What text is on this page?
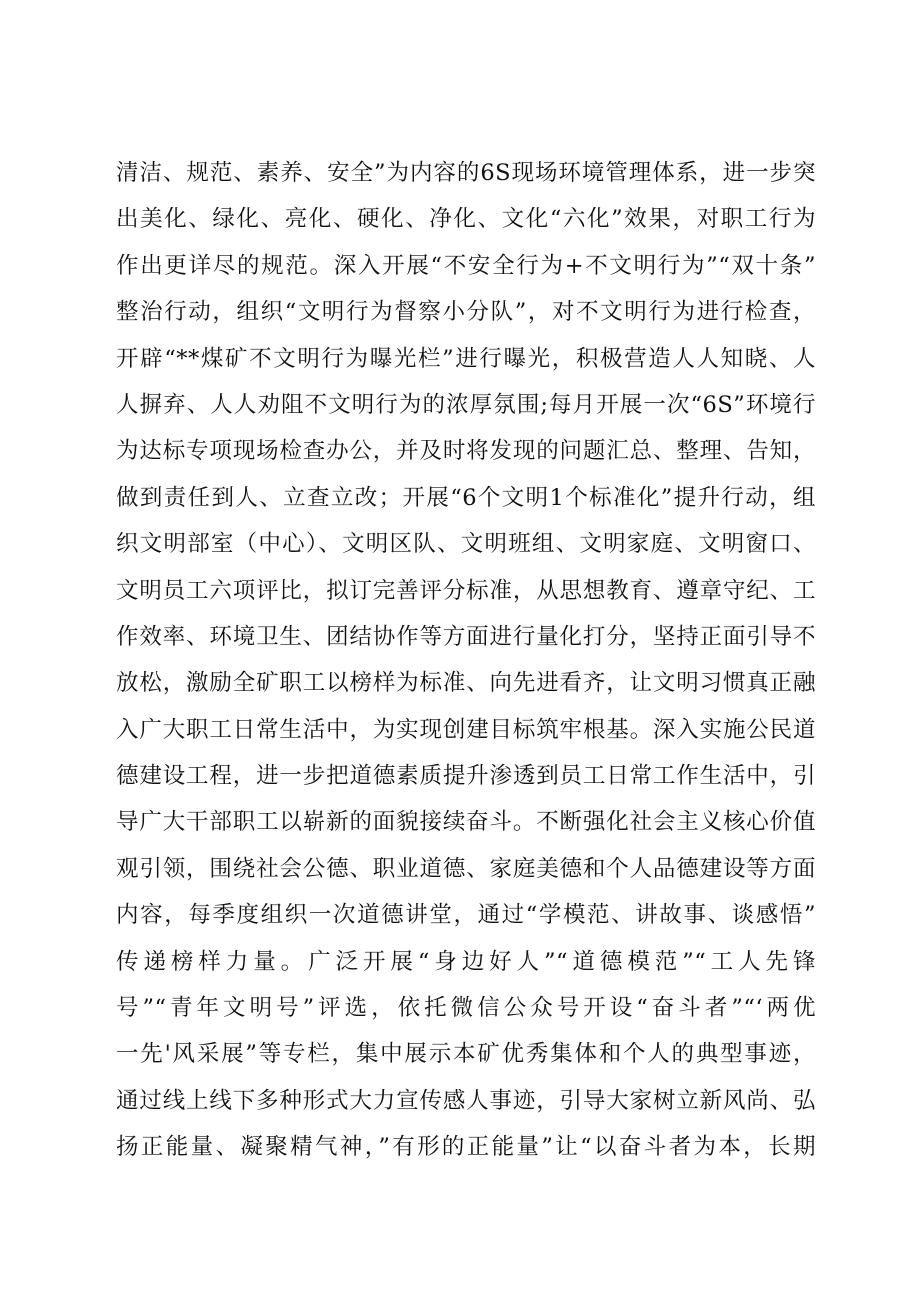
清洁、规范、素养、安全”为内容的6S现场环境管理体系，进一步突
出美化、绿化、亮化、硬化、净化、文化“六化”效果，对职工行为
作出更详尽的规范。深入开展“不安全行为+不文明行为”“双十条”
整治行动，组织“文明行为督察小分队”，对不文明行为进行检查，
开辟“**煤矿不文明行为曝光栏”进行曝光，积极营造人人知晓、人
人摒弃、人人劝阻不文明行为的浓厚氛围;每月开展一次“6S”环境行
为达标专项现场检查办公，并及时将发现的问题汇总、整理、告知，
做到责任到人、立查立改；开展“6个文明1个标准化”提升行动，组
织文明部室（中心）、文明区队、文明班组、文明家庭、文明窗口、
文明员工六项评比，拟订完善评分标准，从思想教育、遵章守纪、工
作效率、环境卫生、团结协作等方面进行量化打分，坚持正面引导不
放松，激励全矿职工以榜样为标准、向先进看齐，让文明习惯真正融
入广大职工日常生活中，为实现创建目标筑牢根基。深入实施公民道
德建设工程，进一步把道德素质提升渗透到员工日常工作生活中，引
导广大干部职工以崭新的面貌接续奋斗。不断强化社会主义核心价值
观引领，围绕社会公德、职业道德、家庭美德和个人品德建设等方面
内容，每季度组织一次道德讲堂，通过“学模范、讲故事、谈感悟”
传递榜样力量。广泛开展“身边好人”“道德模范”“工人先锋
号”“青年文明号”评选，依托微信公众号开设“奋斗者”“‘两优
一先'风采展”等专栏，集中展示本矿优秀集体和个人的典型事迹，
通过线上线下多种形式大力宣传感人事迹，引导大家树立新风尚、弘
扬正能量、凝聚精气神，”有形的正能量”让“以奋斗者为本，长期
